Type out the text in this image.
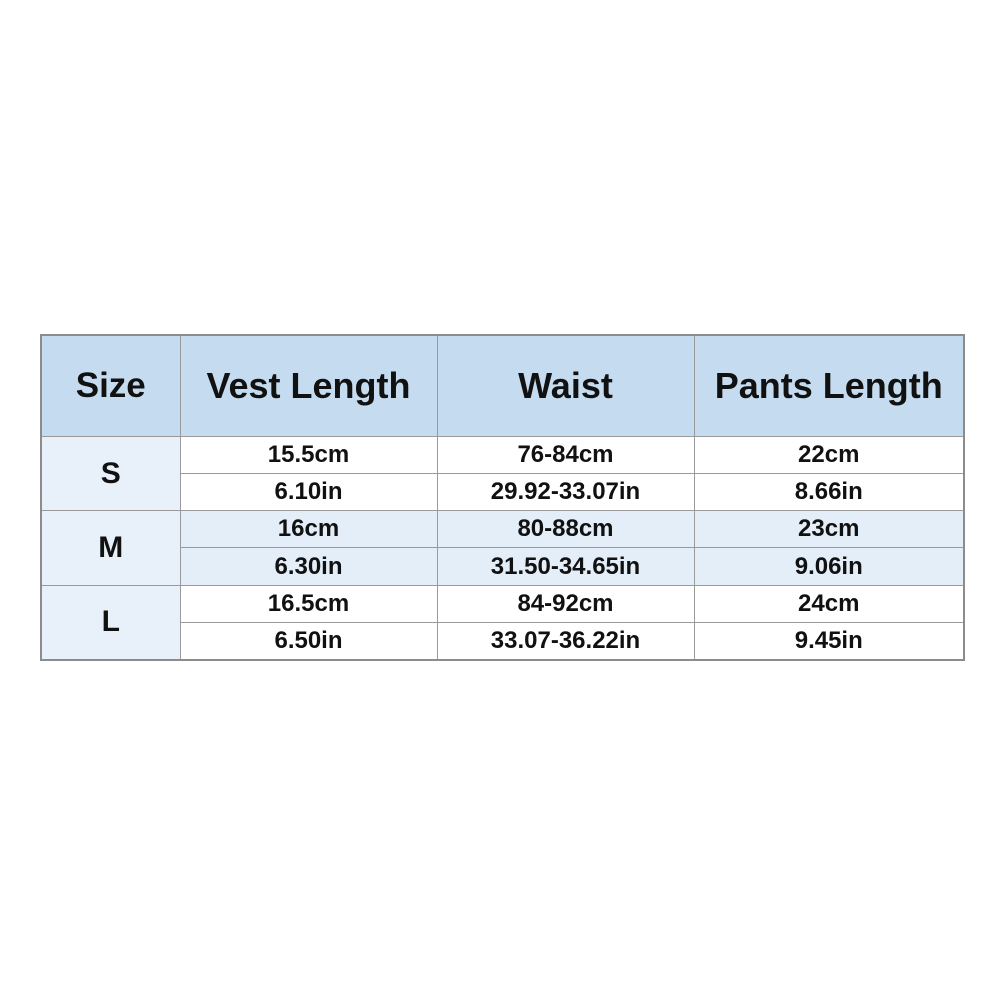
Size	Vest Length	Waist	Pants Length
S	15.5cm	76-84cm	22cm
	6.10in	29.92-33.07in	8.66in
M	16cm	80-88cm	23cm
	6.30in	31.50-34.65in	9.06in
L	16.5cm	84-92cm	24cm
	6.50in	33.07-36.22in	9.45in
